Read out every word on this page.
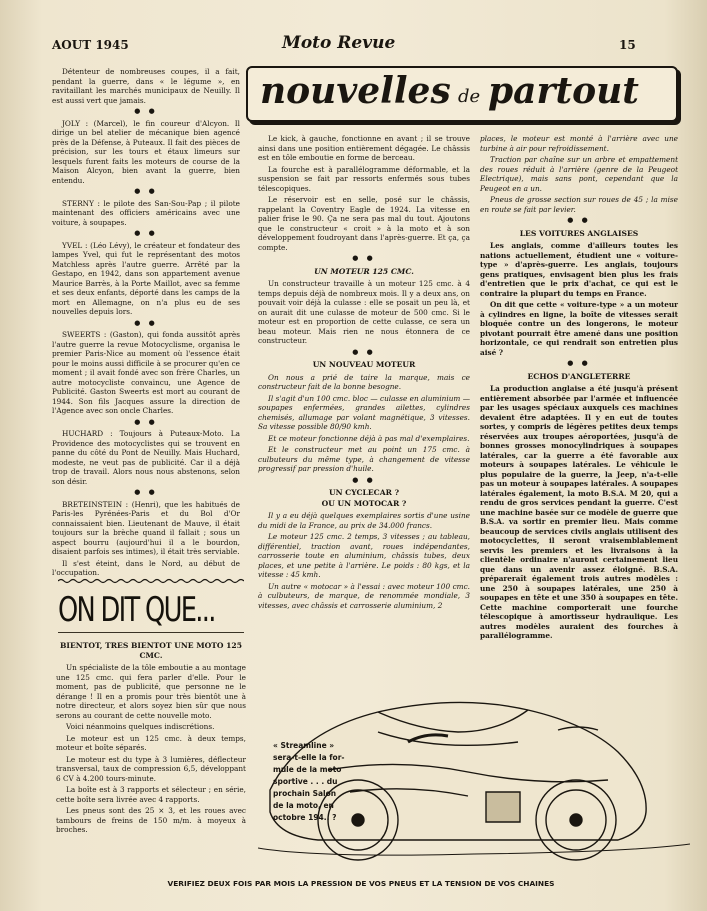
AOUT 1945	Moto Revue	15
nouvelles de partout

Détenteur de nombreuses coupes, il a fait, pendant la guerre, dans « le légume », en ravitaillant les marchés municipaux de Neuilly. Il est aussi vert que jamais.

● ●

JOLY : (Marcel), le fin coureur d'Alcyon. Il dirige un bel atelier de mécanique bien agencé près de la Défense, à Puteaux. Il fait des pièces de précision, sur les tours et étaux limeurs sur lesquels furent faits les moteurs de course de la Maison Alcyon, bien avant la guerre, bien entendu.

● ●

STERNY : le pilote des San-Sou-Pap ; il pilote maintenant des officiers américains avec une voiture, à soupapes.

● ●

YVEL : (Léo Lévy), le créateur et fondateur des lampes Yvel, qui fut le représentant des motos Matchless après l'autre guerre. Arrêté par la Gestapo, en 1942, dans son appartement avenue Maurice Barrès, à la Porte Maillot, avec sa femme et ses deux enfants, déporté dans les camps de la mort en Allemagne, on n'a plus eu de ses nouvelles depuis lors.

● ●

SWEERTS : (Gaston), qui fonda aussitôt après l'autre guerre la revue Motocyclisme, organisa le premier Paris-Nice au moment où l'essence était pour le moins aussi difficile à se procurer qu'en ce moment ; il avait fondé avec son frère Charles, un autre motocycliste convaincu, une Agence de Publicité. Gaston Sweerts est mort au courant de 1944. Son fils Jacques assure la direction de l'Agence avec son oncle Charles.

● ●

HUCHARD : Toujours à Puteaux-Moto. La Providence des motocyclistes qui se trouvent en panne du côté du Pont de Neuilly. Mais Huchard, modeste, ne veut pas de publicité. Car il a déjà trop de travail. Alors nous nous abstenons, selon son désir.

● ●

BRETEINSTEIN : (Henri), que les habitués de Paris-les Pyrénées-Paris et du Bol d'Or connaissaient bien. Lieutenant de Mauve, il était toujours sur la brèche quand il fallait ; sous un aspect bourru (aujourd'hui il a le bourdon, disaient parfois ses intimes), il était très serviable.

Il s'est éteint, dans le Nord, au début de l'occupation.

ON DIT QUE...
BIENTOT, TRES BIENTOT UNE MOTO 125 CMC.

Un spécialiste de la tôle emboutie a au montage une 125 cmc. qui fera parler d'elle. Pour le moment, pas de publicité, que personne ne le dérange ! Il en a promis pour très bientôt une à notre directeur, et alors soyez bien sûr que nous serons au courant de cette nouvelle moto.

Voici néanmoins quelques indiscrétions.

Le moteur est un 125 cmc. à deux temps, moteur et boîte séparés.

Le moteur est du type à 3 lumières, déflecteur transversal, taux de compression 6,5, développant 6 CV à 4.200 tours-minute.

La boîte est à 3 rapports et sélecteur ; en série, cette boîte sera livrée avec 4 rapports.

Les pneus sont des 25 × 3, et les roues avec tambours de freins de 150 m/m. à moyeux à broches.

Le kick, à gauche, fonctionne en avant ; il se trouve ainsi dans une position entièrement dégagée. Le châssis est en tôle emboutie en forme de berceau.

La fourche est à parallélogramme déformable, et la suspension se fait par ressorts enfermés sous tubes télescopiques.

Le réservoir est en selle, posé sur le châssis, rappelant la Coventry Eagle de 1924. La vitesse en palier frise le 90. Ça ne sera pas mal du tout. Ajoutons que le constructeur « croit » à la moto et à son développement foudroyant dans l'après-guerre. Et ça, ça compte.

● ●
UN MOTEUR 125 CMC.

Un constructeur travaille à un moteur 125 cmc. à 4 temps depuis déjà de nombreux mois. Il y a deux ans, on pouvait voir déjà la culasse : elle se posait un peu là, et on aurait dit une culasse de moteur de 500 cmc. Si le moteur est en proportion de cette culasse, ce sera un beau moteur. Mais rien ne nous étonnera de ce constructeur.

● ●
UN NOUVEAU MOTEUR

On nous a prié de taire la marque, mais ce constructeur fait de la bonne besogne.

Il s'agit d'un 100 cmc. bloc — culasse en aluminium — soupapes enfermées, grandes ailettes, cylindres chemisés, allumage par volant magnétique, 3 vitesses. Sa vitesse possible 80/90 kmh.

Et ce moteur fonctionne déjà à pas mal d'exemplaires.

Et le constructeur met au point un 175 cmc. à culbuteurs du même type, à changement de vitesse progressif par pression d'huile.

● ●
UN CYCLECAR ?
OU UN MOTOCAR ?

Il y a eu déjà quelques exemplaires sortis d'une usine du midi de la France, au prix de 34.000 francs.

Le moteur 125 cmc. 2 temps, 3 vitesses ; au tableau, différentiel, traction avant, roues indépendantes, carrosserie toute en aluminium, châssis tubes, deux places, et une petite à l'arrière. Le poids : 80 kgs, et la vitesse : 45 kmh.

Un autre « motocar » à l'essai : avec moteur 100 cmc. à culbuteurs, de marque, de renommée mondiale, 3 vitesses, avec châssis et carrosserie aluminium, 2

places, le moteur est monté à l'arrière avec une turbine à air pour refroidissement.

Traction par chaîne sur un arbre et empattement des roues réduit à l'arrière (genre de la Peugeot Electrique), mais sans pont, cependant que la Peugeot en a un.

Pneus de grosse section sur roues de 45 ; la mise en route se fait par levier.

● ●
LES VOITURES ANGLAISES

Les anglais, comme d'ailleurs toutes les nations actuellement, étudient une « voiture-type » d'après-guerre. Les anglais, toujours gens pratiques, envisagent bien plus les frais d'entretien que le prix d'achat, ce qui est le contraire la plupart du temps en France.

On dit que cette « voiture-type » a un moteur à cylindres en ligne, la boîte de vitesses serait bloquée contre un des longerons, le moteur pivotant pourrait être amené dans une position horizontale, ce qui rendrait son entretien plus aisé ?

● ●
ECHOS D'ANGLETERRE

La production anglaise a été jusqu'à présent entièrement absorbée par l'armée et influencée par les usages spéciaux auxquels ces machines devaient être adaptées. Il y en eut de toutes sortes, y compris de légères petites deux temps réservées aux troupes aéroportées, jusqu'à de bonnes grosses monocylindriques à soupapes latérales, car la guerre a été favorable aux moteurs à soupapes latérales. Le véhicule le plus populaire de la guerre, la Jeep, n'a-t-elle pas un moteur à soupapes latérales. A soupapes latérales également, la moto B.S.A. M 20, qui a rendu de gros services pendant la guerre. C'est une machine basée sur ce modèle de guerre que B.S.A. va sortir en premier lieu. Mais comme beaucoup de services civils anglais utilisent des motocyclettes, il seront vraisemblablement servis les premiers et les livraisons à la clientèle ordinaire n'auront certainement lieu que dans un avenir assez éloigné. B.S.A. prépareraît également trois autres modèles : une 250 à soupapes latérales, une 250 à soupapes en tête et une 350 à soupapes en tête. Cette machine comporterait une fourche télescopique à amortisseur hydraulique. Les autres modèles auraient des fourches à parallélogramme.

« Streamline »
sera-t-elle la for-
mule de la moto
sportive . . . du
prochain Salon
de la moto, en
octobre 194.. ?
VERIFIEZ DEUX FOIS PAR MOIS LA PRESSION DE VOS PNEUS ET LA TENSION DE VOS CHAINES
